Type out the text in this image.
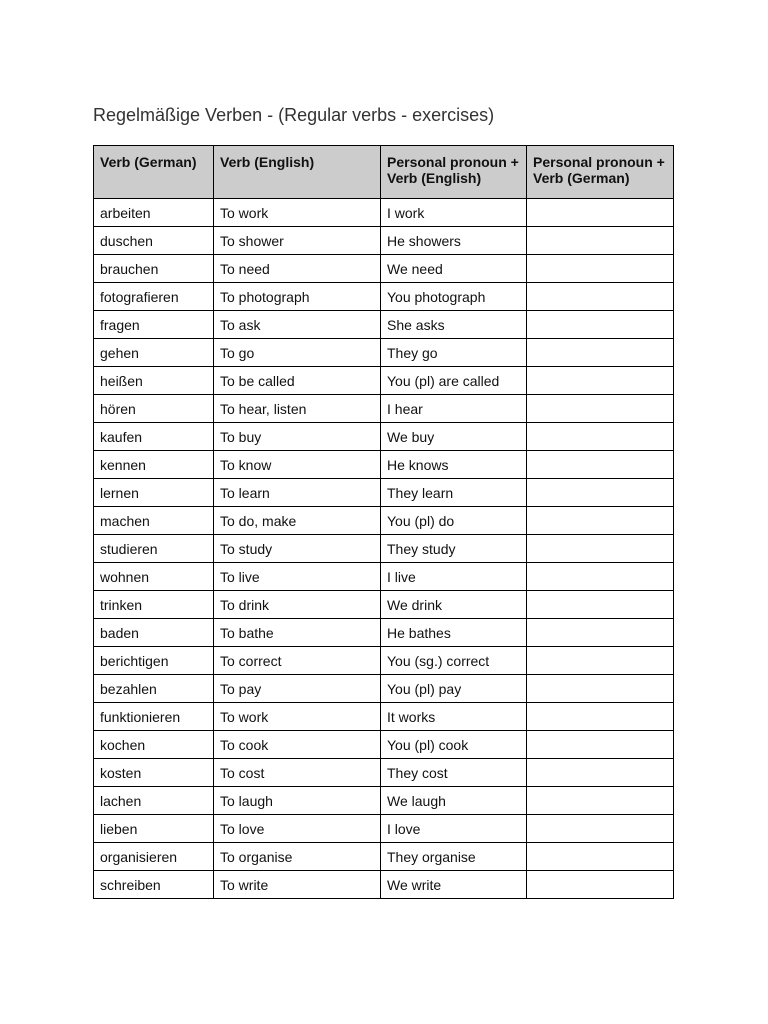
Regelmäßige Verben - (Regular verbs - exercises)
Verb (German)	Verb (English)	Personal pronoun + Verb (English)	Personal pronoun + Verb (German)
arbeiten	To work	I work	
duschen	To shower	He showers	
brauchen	To need	We need	
fotografieren	To photograph	You photograph	
fragen	To ask	She asks	
gehen	To go	They go	
heißen	To be called	You (pl) are called	
hören	To hear, listen	I hear	
kaufen	To buy	We buy	
kennen	To know	He knows	
lernen	To learn	They learn	
machen	To do, make	You (pl) do	
studieren	To study	They study	
wohnen	To live	I live	
trinken	To drink	We drink	
baden	To bathe	He bathes	
berichtigen	To correct	You (sg.) correct	
bezahlen	To pay	You (pl) pay	
funktionieren	To work	It works	
kochen	To cook	You (pl) cook	
kosten	To cost	They cost	
lachen	To laugh	We laugh	
lieben	To love	I love	
organisieren	To organise	They organise	
schreiben	To write	We write	
